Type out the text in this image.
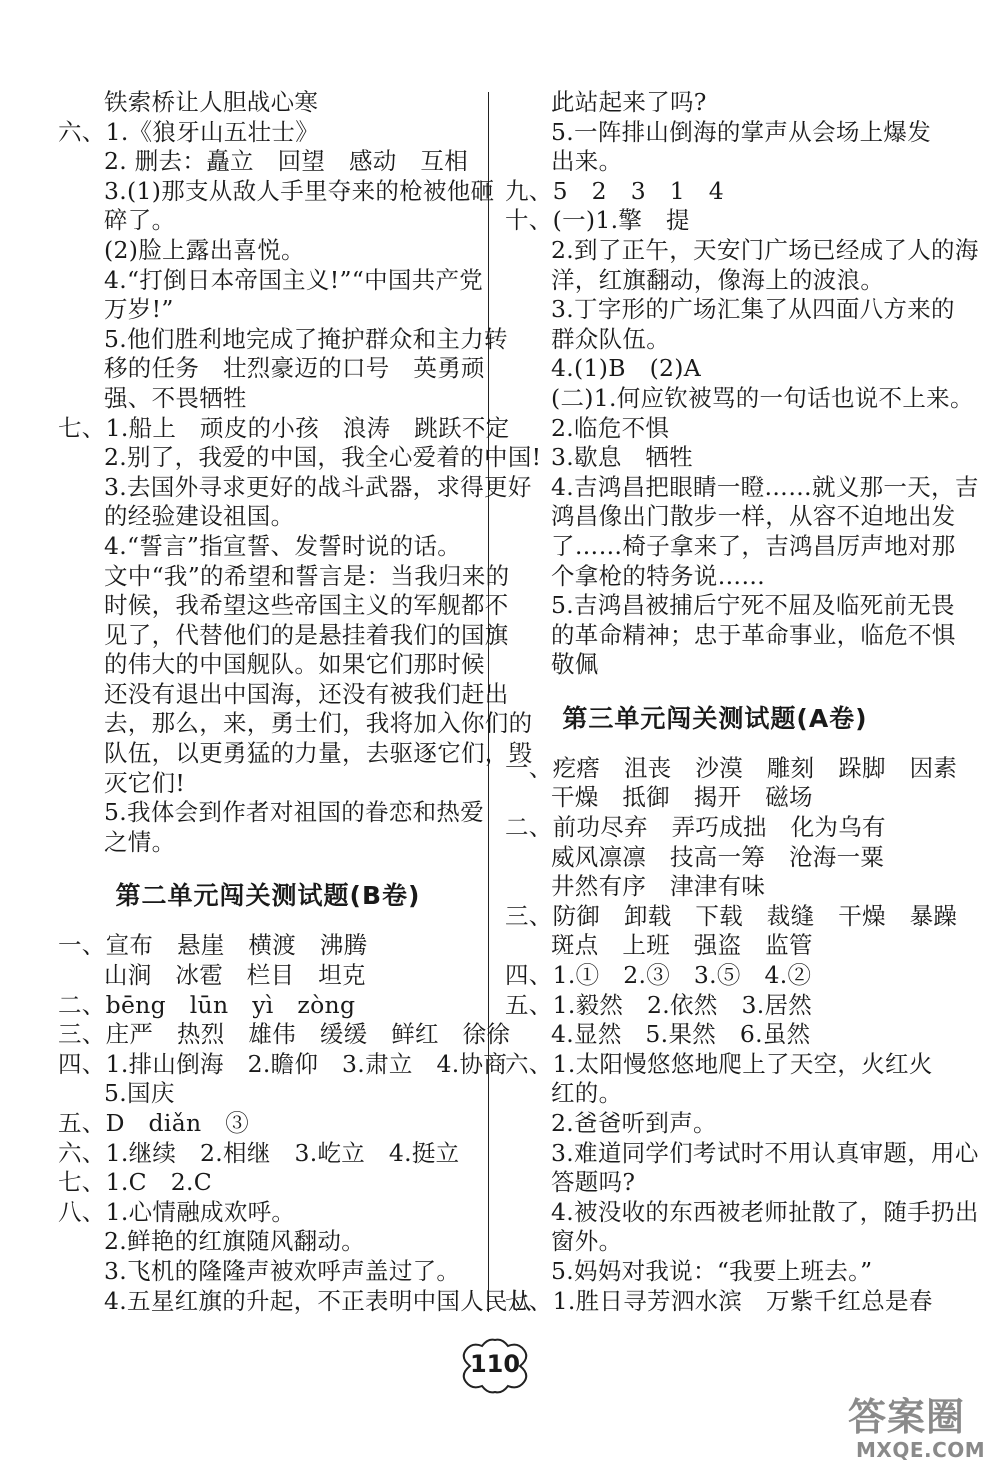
铁索桥让人胆战心寒
六、1.《狼牙山五壮士》
2. 删去：矗立　回望　感动　互相
3.(1)那支从敌人手里夺来的枪被他砸
碎了。
(2)脸上露出喜悦。
4.“打倒日本帝国主义!”“中国共产党
万岁!”
5.他们胜利地完成了掩护群众和主力转
移的任务　壮烈豪迈的口号　英勇顽
强、不畏牺牲
七、1.船上　顽皮的小孩　浪涛　跳跃不定
2.别了，我爱的中国，我全心爱着的中国!
3.去国外寻求更好的战斗武器，求得更好
的经验建设祖国。
4.“誓言”指宣誓、发誓时说的话。
文中“我”的希望和誓言是：当我归来的
时候，我希望这些帝国主义的军舰都不
见了，代替他们的是悬挂着我们的国旗
的伟大的中国舰队。如果它们那时候
还没有退出中国海，还没有被我们赶出
去，那么，来，勇士们，我将加入你们的
队伍，以更勇猛的力量，去驱逐它们，毁
灭它们!
5.我体会到作者对祖国的眷恋和热爱
之情。
第二单元闯关测试题(B卷)
一、宣布　悬崖　横渡　沸腾
山涧　冰雹　栏目　坦克
二、bēng　lūn　yì　zòng
三、庄严　热烈　雄伟　缓缓　鲜红　徐徐
四、1.排山倒海　2.瞻仰　3.肃立　4.协商
5.国庆
五、D　diǎn　③
六、1.继续　2.相继　3.屹立　4.挺立
七、1.C　2.C
八、1.心情融成欢呼。
2.鲜艳的红旗随风翻动。
3.飞机的隆隆声被欢呼声盖过了。
4.五星红旗的升起，不正表明中国人民从
此站起来了吗?
5.一阵排山倒海的掌声从会场上爆发
出来。
九、5　2　3　1　4
十、(一)1.擎　提
2.到了正午，天安门广场已经成了人的海
洋，红旗翻动，像海上的波浪。
3.丁字形的广场汇集了从四面八方来的
群众队伍。
4.(1)B　(2)A
(二)1.何应钦被骂的一句话也说不上来。
2.临危不惧
3.歇息　牺牲
4.吉鸿昌把眼睛一瞪……就义那一天，吉
鸿昌像出门散步一样，从容不迫地出发
了……椅子拿来了，吉鸿昌厉声地对那
个拿枪的特务说……
5.吉鸿昌被捕后宁死不屈及临死前无畏
的革命精神；忠于革命事业，临危不惧
敬佩
第三单元闯关测试题(A卷)
一、疙瘩　沮丧　沙漠　雕刻　跺脚　因素
干燥　抵御　揭开　磁场
二、前功尽弃　弄巧成拙　化为乌有
威风凛凛　技高一筹　沧海一粟
井然有序　津津有味
三、防御　卸载　下载　裁缝　干燥　暴躁
斑点　上班　强盗　监管
四、1.①　2.③　3.⑤　4.②
五、1.毅然　2.依然　3.居然
4.显然　5.果然　6.虽然
六、1.太阳慢悠悠地爬上了天空，火红火
红的。
2.爸爸听到声。
3.难道同学们考试时不用认真审题，用心
答题吗?
4.被没收的东西被老师扯散了，随手扔出
窗外。
5.妈妈对我说：“我要上班去。”
七、1.胜日寻芳泗水滨　万紫千红总是春
110
答案圈
MXQE.COM
